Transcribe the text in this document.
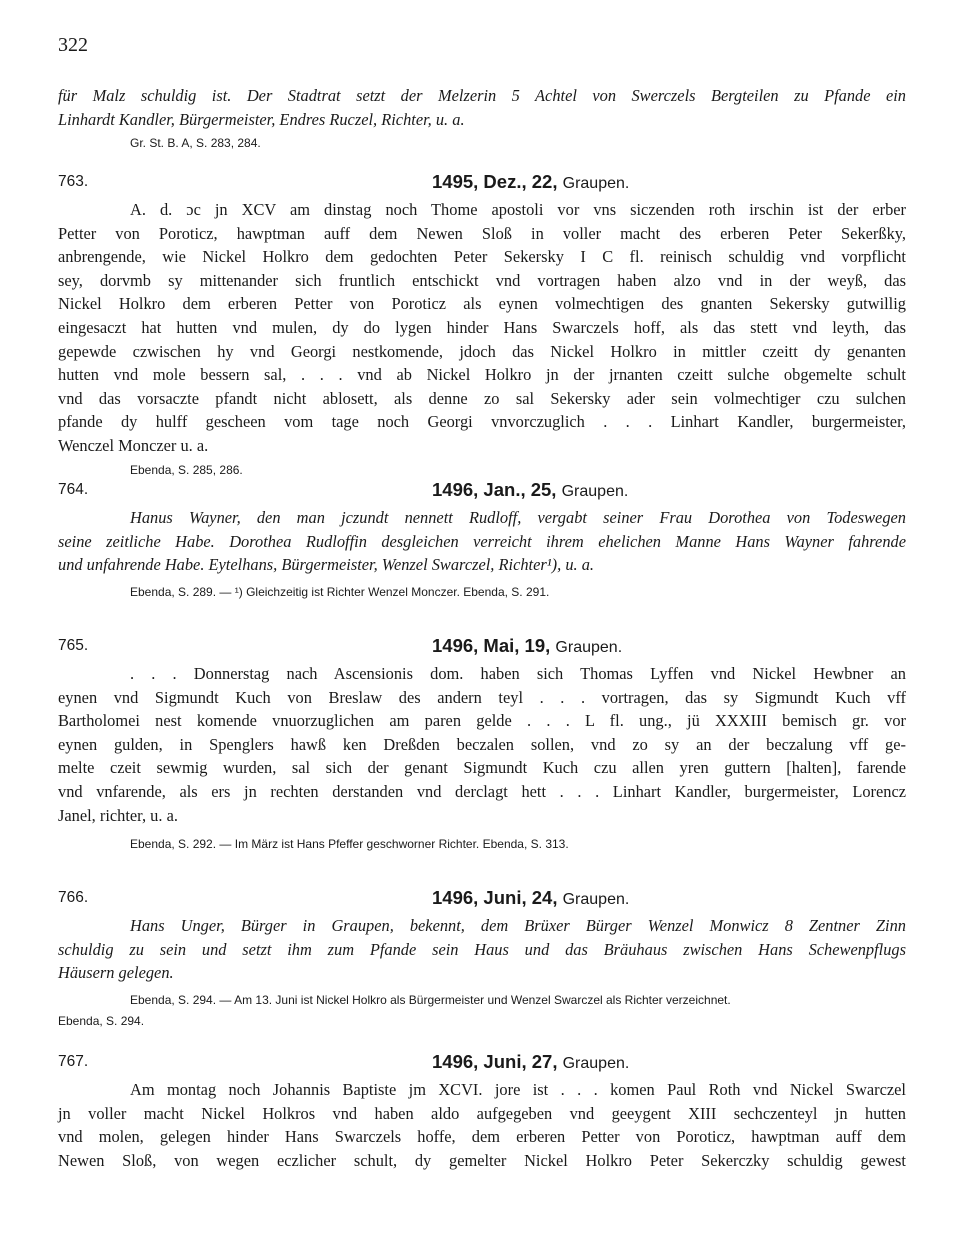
322
für Malz schuldig ist. Der Stadtrat setzt der Melzerin 5 Achtel von Swerczels Bergteilen zu Pfande ein
Linhardt Kandler, Bürgermeister, Endres Ruczel, Richter, u. a.
Gr. St. B. A, S. 283, 284.
763.	1495, Dez., 22, Graupen.
A. d. ɔc jn XCV am dinstag noch Thome apostoli vor vns siczenden roth irschin ist der erber
Petter von Poroticz, hawptman auff dem Newen Sloß in voller macht des erberen Peter Sekerßky,
anbrengende, wie Nickel Holkro dem gedochten Peter Sekersky I C fl. reinisch schuldig vnd vorpflicht
sey, dorvmb sy mittenander sich fruntlich entschickt vnd vortragen haben alzo vnd in der weyß, das
Nickel Holkro dem erberen Petter von Poroticz als eynen volmechtigen des gnanten Sekersky gutwillig
eingesaczt hat hutten vnd mulen, dy do lygen hinder Hans Swarczels hoff, als das stett vnd leyth, das
gepewde czwischen hy vnd Georgi nestkomende, jdoch das Nickel Holkro in mittler czeitt dy genanten
hutten vnd mole bessern sal, . . . vnd ab Nickel Holkro jn der jrnanten czeitt sulche obgemelte schult
vnd das vorsaczte pfandt nicht ablosett, als denne zo sal Sekersky ader sein volmechtiger czu sulchen
pfande dy hulff gescheen vom tage noch Georgi vnvorczuglich . . . Linhart Kandler, burgermeister,
Wenczel Monczer u. a.
Ebenda, S. 285, 286.
764.	1496, Jan., 25, Graupen.
Hanus Wayner, den man jczundt nennett Rudloff, vergabt seiner Frau Dorothea von Todeswegen
seine zeitliche Habe. Dorothea Rudloffin desgleichen verreicht ihrem ehelichen Manne Hans Wayner fahrende
und unfahrende Habe. Eytelhans, Bürgermeister, Wenzel Swarczel, Richter¹), u. a.
Ebenda, S. 289. — ¹) Gleichzeitig ist Richter Wenzel Monczer. Ebenda, S. 291.
765.	1496, Mai, 19, Graupen.
. . . Donnerstag nach Ascensionis dom. haben sich Thomas Lyffen vnd Nickel Hewbner an
eynen vnd Sigmundt Kuch von Breslaw des andern teyl . . . vortragen, das sy Sigmundt Kuch vff
Bartholomei nest komende vnuorzuglichen am paren gelde . . . L fl. ung., jü XXXIII bemisch gr. vor
eynen gulden, in Spenglers hawß ken Dreßden beczalen sollen, vnd zo sy an der beczalung vff ge-
melte czeit sewmig wurden, sal sich der genant Sigmundt Kuch czu allen yren guttern [halten], farende
vnd vnfarende, als ers jn rechten derstanden vnd derclagt hett . . . Linhart Kandler, burgermeister, Lorencz
Janel, richter, u. a.
Ebenda, S. 292. — Im März ist Hans Pfeffer geschworner Richter. Ebenda, S. 313.
766.	1496, Juni, 24, Graupen.
Hans Unger, Bürger in Graupen, bekennt, dem Brüxer Bürger Wenzel Monwicz 8 Zentner Zinn
schuldig zu sein und setzt ihm zum Pfande sein Haus und das Bräuhaus zwischen Hans Schewenpflugs
Häusern gelegen.
Ebenda, S. 294. — Am 13. Juni ist Nickel Holkro als Bürgermeister und Wenzel Swarczel als Richter verzeichnet.
Ebenda, S. 294.
767.	1496, Juni, 27, Graupen.
Am montag noch Johannis Baptiste jm XCVI. jore ist . . . komen Paul Roth vnd Nickel Swarczel
jn voller macht Nickel Holkros vnd haben aldo aufgegeben vnd geeygent XIII sechczenteyl jn hutten
vnd molen, gelegen hinder Hans Swarczels hoffe, dem erberen Petter von Poroticz, hawptman auff dem
Newen Sloß, von wegen eczlicher schult, dy gemelter Nickel Holkro Peter Sekerczky schuldig gewest
